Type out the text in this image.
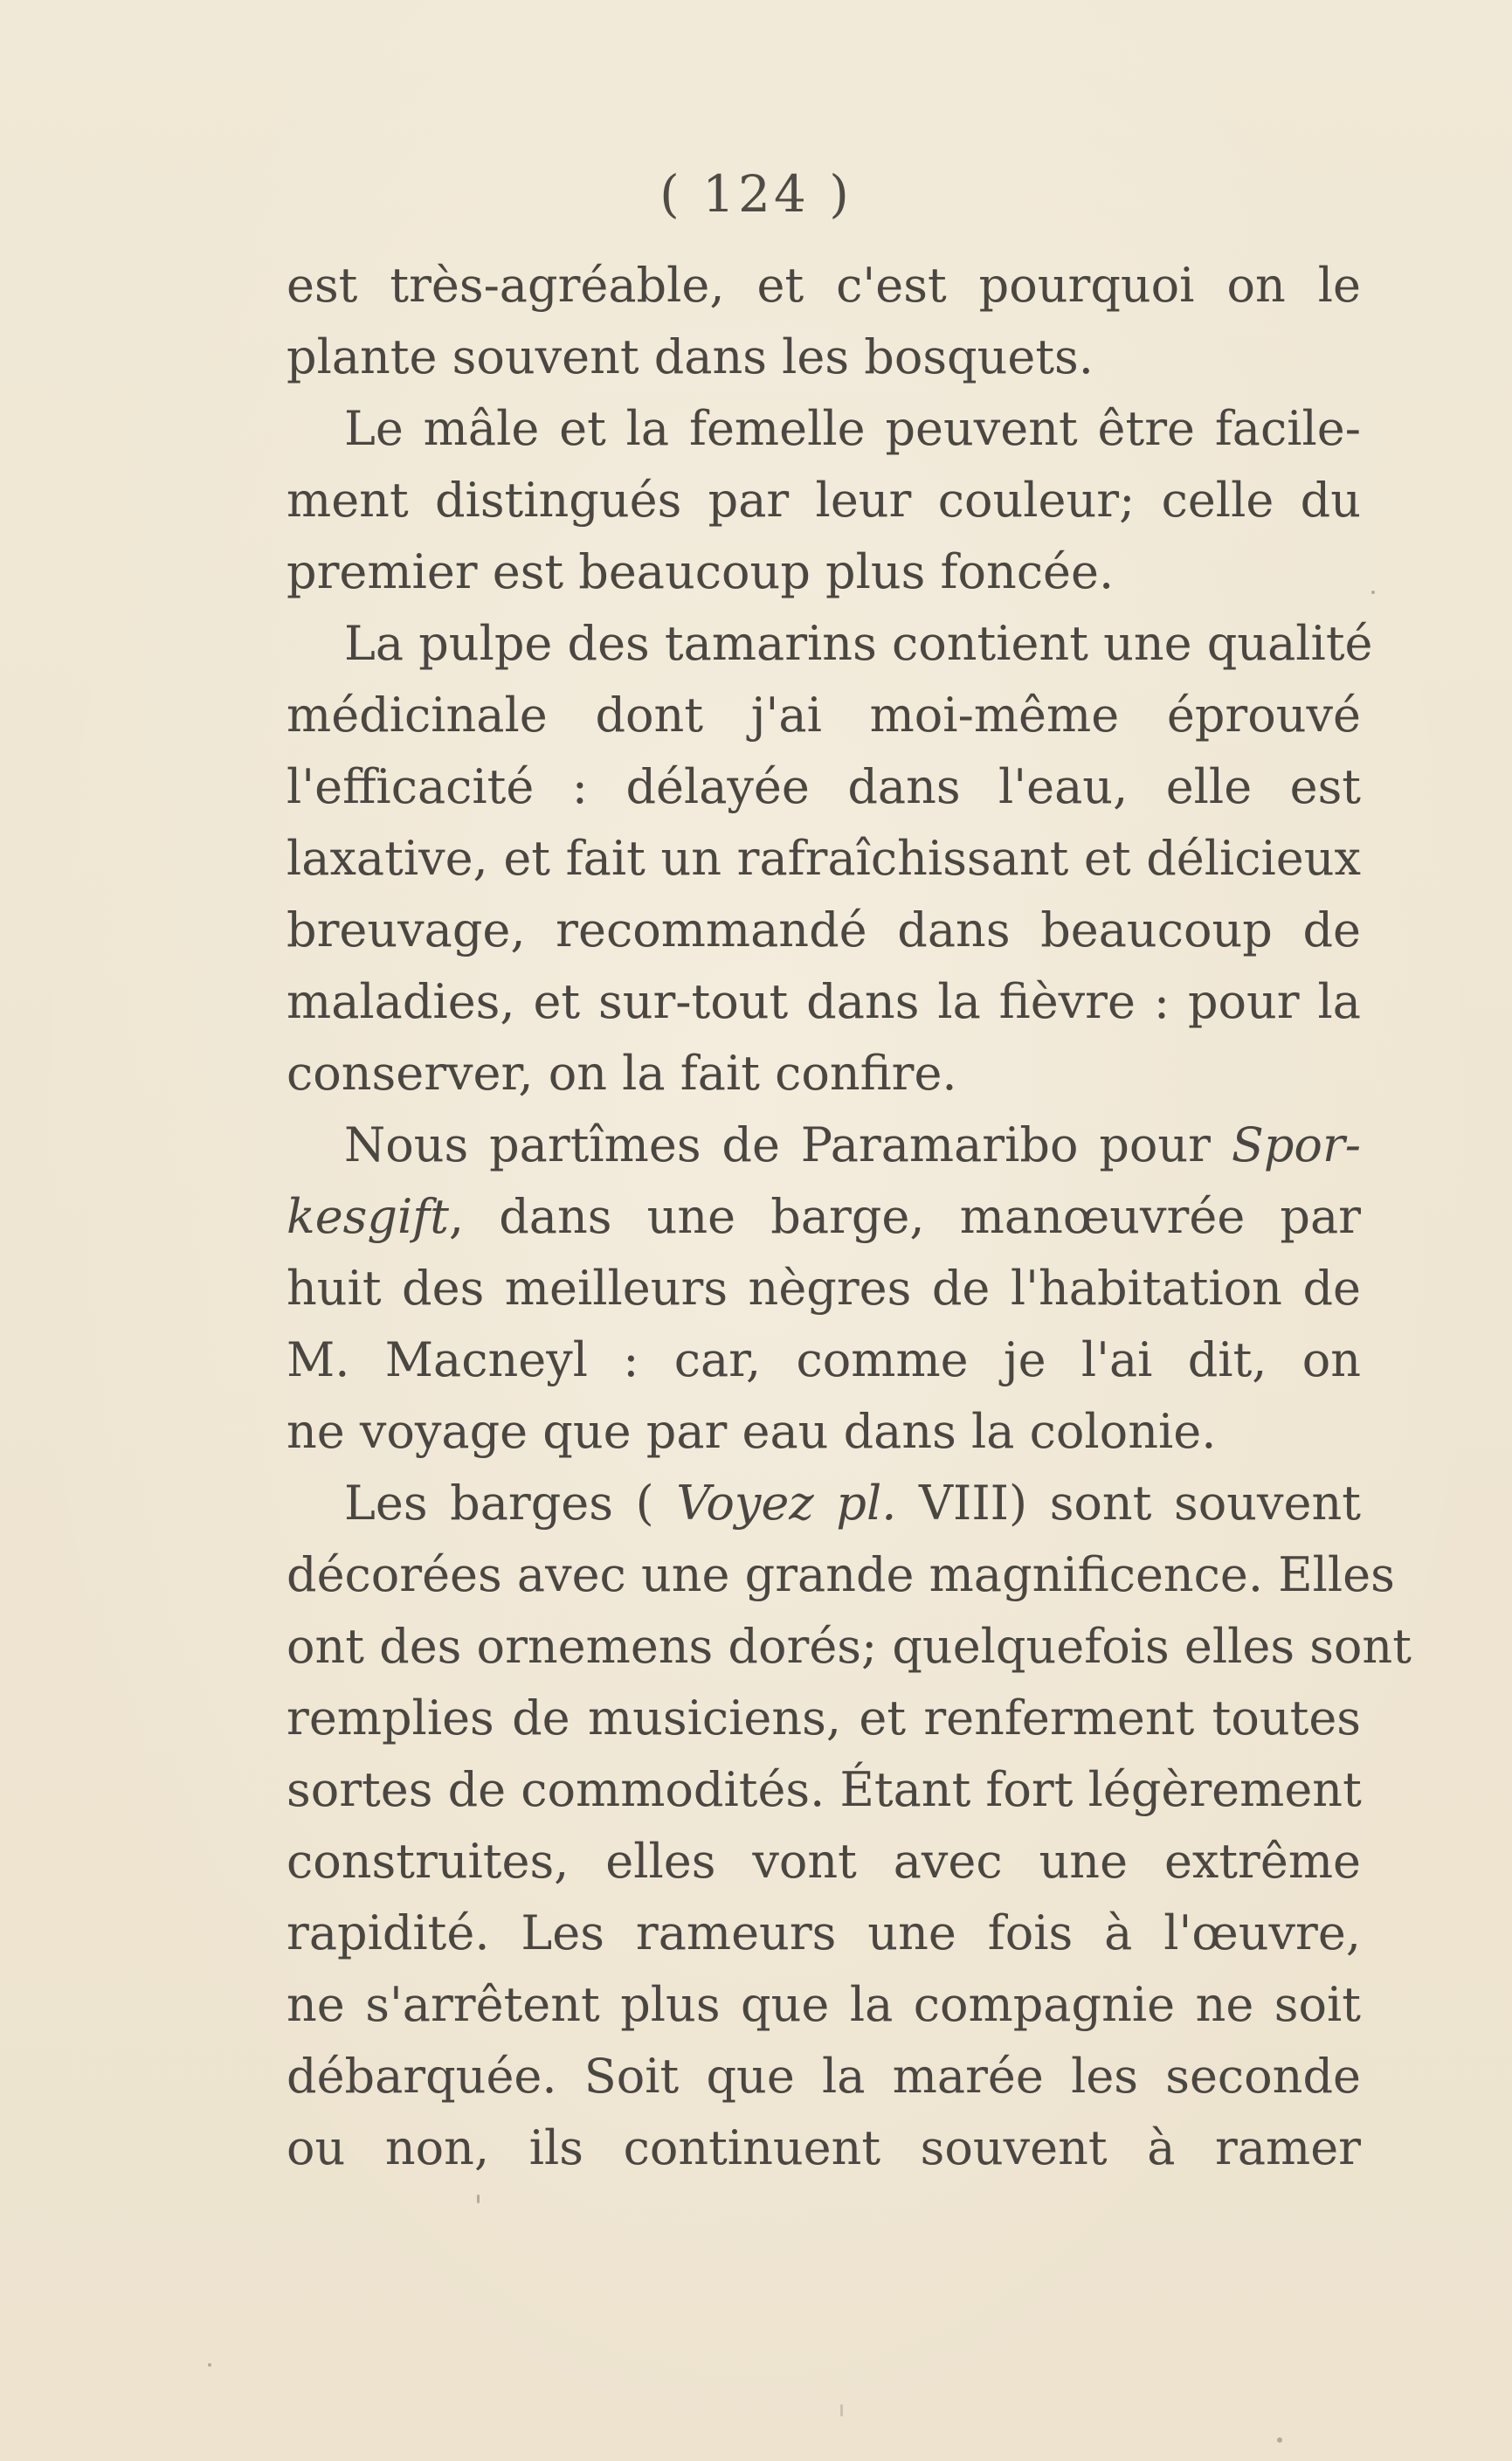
( 124 )
est très-agréable, et c'est pourquoi on le
plante souvent dans les bosquets.
Le mâle et la femelle peuvent être facile-
ment distingués par leur couleur; celle du
premier est beaucoup plus foncée.
La pulpe des tamarins contient une qualité
médicinale dont j'ai moi-même éprouvé
l'efficacité : délayée dans l'eau, elle est
laxative, et fait un rafraîchissant et délicieux
breuvage, recommandé dans beaucoup de
maladies, et sur-tout dans la fièvre : pour la
conserver, on la fait confire.
Nous partîmes de Paramaribo pour Spor-
kesgift, dans une barge, manœuvrée par
huit des meilleurs nègres de l'habitation de
M. Macneyl : car, comme je l'ai dit, on
ne voyage que par eau dans la colonie.
Les barges ( Voyez pl. VIII) sont souvent
décorées avec une grande magnificence. Elles
ont des ornemens dorés; quelquefois elles sont
remplies de musiciens, et renferment toutes
sortes de commodités. Étant fort légèrement
construites, elles vont avec une extrême
rapidité. Les rameurs une fois à l'œuvre,
ne s'arrêtent plus que la compagnie ne soit
débarquée. Soit que la marée les seconde
ou non, ils continuent souvent à ramer
